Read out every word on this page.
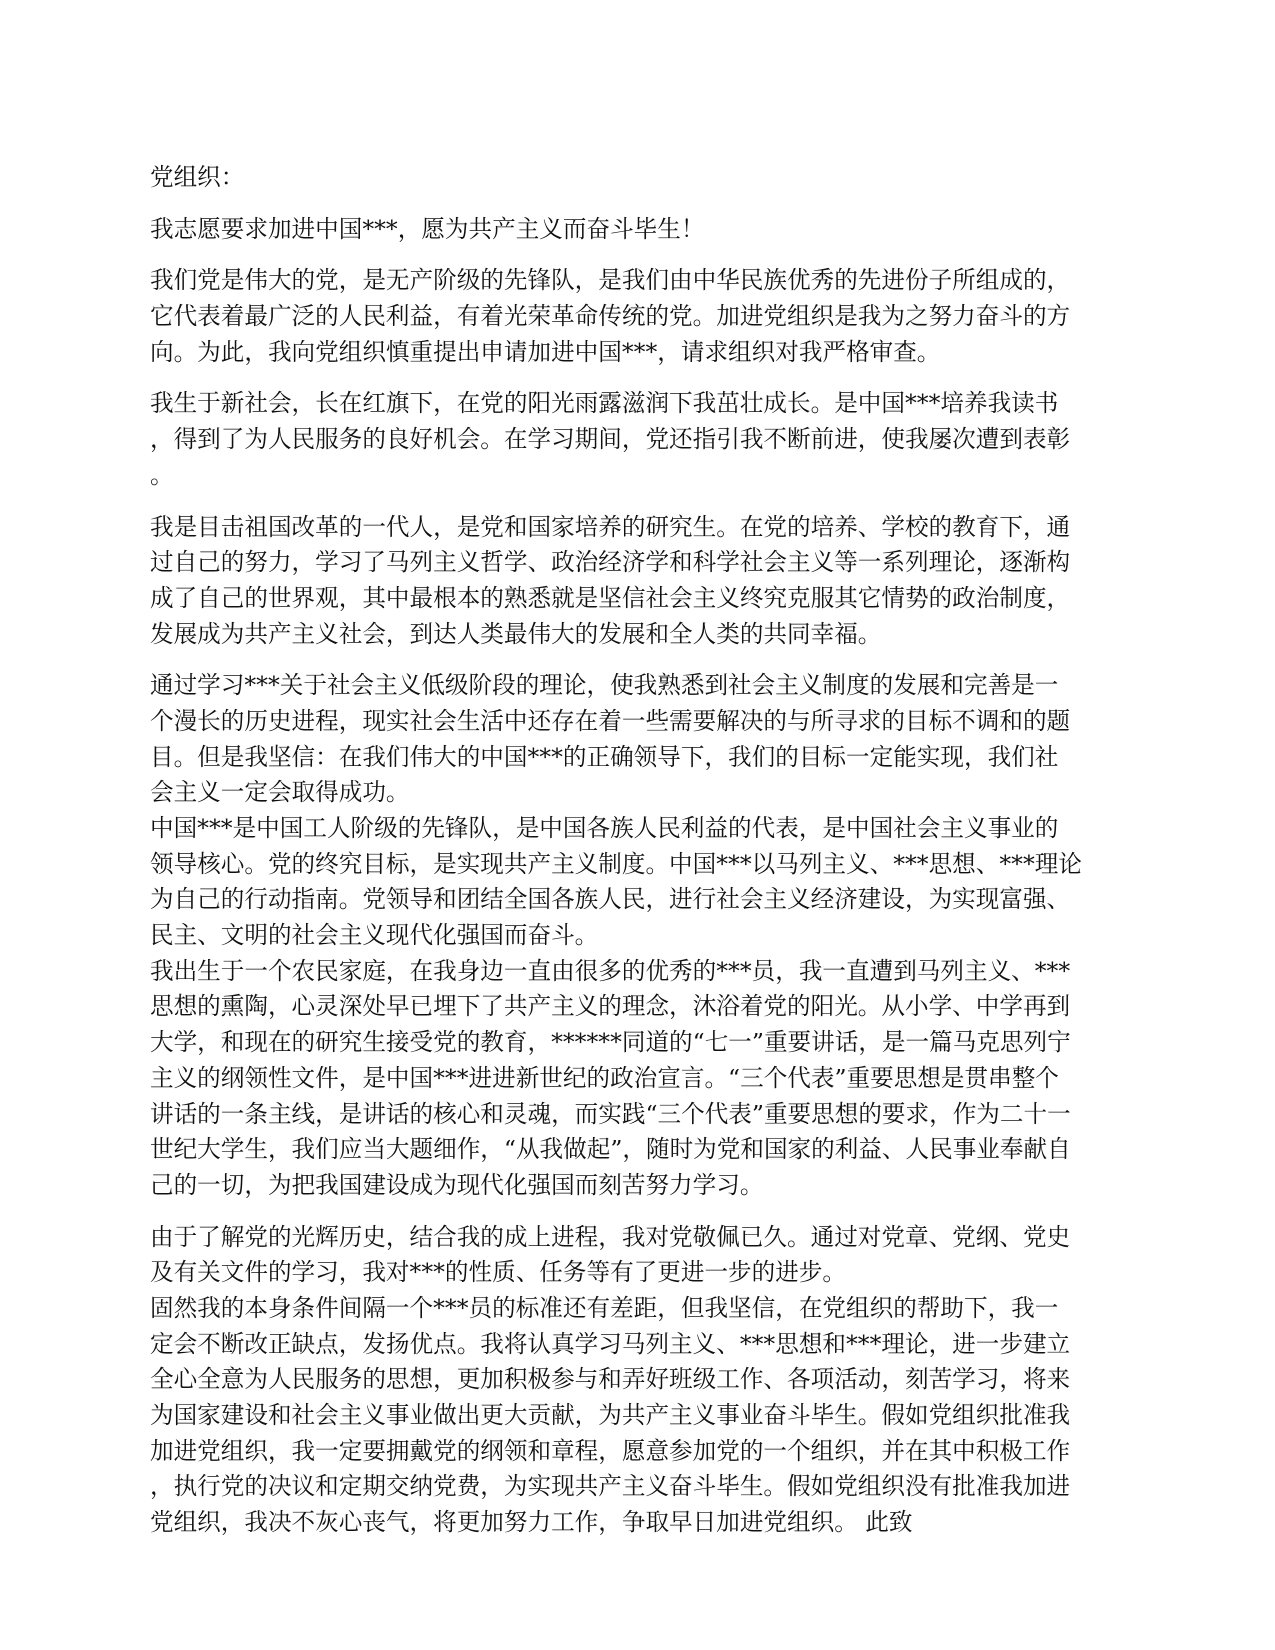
党组织：
我志愿要求加进中国***，愿为共产主义而奋斗毕生！
我们党是伟大的党，是无产阶级的先锋队，是我们由中华民族优秀的先进份子所组成的，
它代表着最广泛的人民利益，有着光荣革命传统的党。加进党组织是我为之努力奋斗的方
向。为此，我向党组织慎重提出申请加进中国***，请求组织对我严格审查。
我生于新社会，长在红旗下，在党的阳光雨露滋润下我茁壮成长。是中国***培养我读书
，得到了为人民服务的良好机会。在学习期间，党还指引我不断前进，使我屡次遭到表彰
。
我是目击祖国改革的一代人，是党和国家培养的研究生。在党的培养、学校的教育下，通
过自己的努力，学习了马列主义哲学、政治经济学和科学社会主义等一系列理论，逐渐构
成了自己的世界观，其中最根本的熟悉就是坚信社会主义终究克服其它情势的政治制度，
发展成为共产主义社会，到达人类最伟大的发展和全人类的共同幸福。
通过学习***关于社会主义低级阶段的理论，使我熟悉到社会主义制度的发展和完善是一
个漫长的历史进程，现实社会生活中还存在着一些需要解决的与所寻求的目标不调和的题
目。但是我坚信：在我们伟大的中国***的正确领导下，我们的目标一定能实现，我们社
会主义一定会取得成功。
中国***是中国工人阶级的先锋队，是中国各族人民利益的代表，是中国社会主义事业的
领导核心。党的终究目标，是实现共产主义制度。中国***以马列主义、***思想、***理论
为自己的行动指南。党领导和团结全国各族人民，进行社会主义经济建设，为实现富强、
民主、文明的社会主义现代化强国而奋斗。
我出生于一个农民家庭，在我身边一直由很多的优秀的***员，我一直遭到马列主义、***
思想的熏陶，心灵深处早已埋下了共产主义的理念，沐浴着党的阳光。从小学、中学再到
大学，和现在的研究生接受党的教育，******同道的“七一”重要讲话，是一篇马克思列宁
主义的纲领性文件，是中国***进进新世纪的政治宣言。“三个代表”重要思想是贯串整个
讲话的一条主线，是讲话的核心和灵魂，而实践“三个代表”重要思想的要求，作为二十一
世纪大学生，我们应当大题细作，“从我做起”，随时为党和国家的利益、人民事业奉献自
己的一切，为把我国建设成为现代化强国而刻苦努力学习。
由于了解党的光辉历史，结合我的成上进程，我对党敬佩已久。通过对党章、党纲、党史
及有关文件的学习，我对***的性质、任务等有了更进一步的进步。
固然我的本身条件间隔一个***员的标准还有差距，但我坚信，在党组织的帮助下，我一
定会不断改正缺点，发扬优点。我将认真学习马列主义、***思想和***理论，进一步建立
全心全意为人民服务的思想，更加积极参与和弄好班级工作、各项活动，刻苦学习，将来
为国家建设和社会主义事业做出更大贡献，为共产主义事业奋斗毕生。假如党组织批准我
加进党组织，我一定要拥戴党的纲领和章程，愿意参加党的一个组织，并在其中积极工作
，执行党的决议和定期交纳党费，为实现共产主义奋斗毕生。假如党组织没有批准我加进
党组织，我决不灰心丧气，将更加努力工作，争取早日加进党组织。 此致
